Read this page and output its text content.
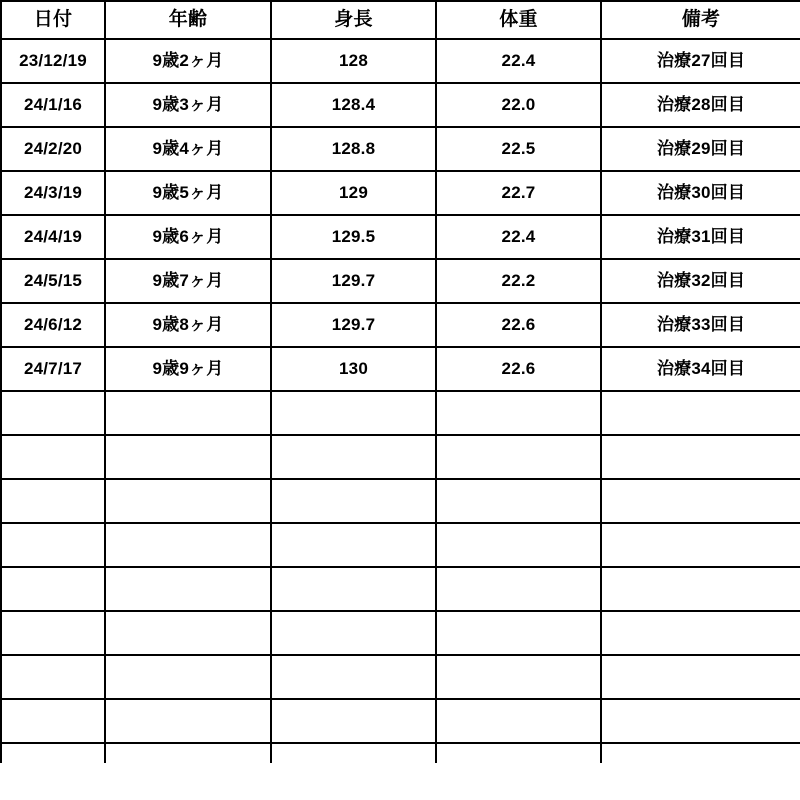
日付	年齢	身長	体重	備考
23/12/19	9歳2ヶ月	128	22.4	治療27回目
24/1/16	9歳3ヶ月	128.4	22.0	治療28回目
24/2/20	9歳4ヶ月	128.8	22.5	治療29回目
24/3/19	9歳5ヶ月	129	22.7	治療30回目
24/4/19	9歳6ヶ月	129.5	22.4	治療31回目
24/5/15	9歳7ヶ月	129.7	22.2	治療32回目
24/6/12	9歳8ヶ月	129.7	22.6	治療33回目
24/7/17	9歳9ヶ月	130	22.6	治療34回目
